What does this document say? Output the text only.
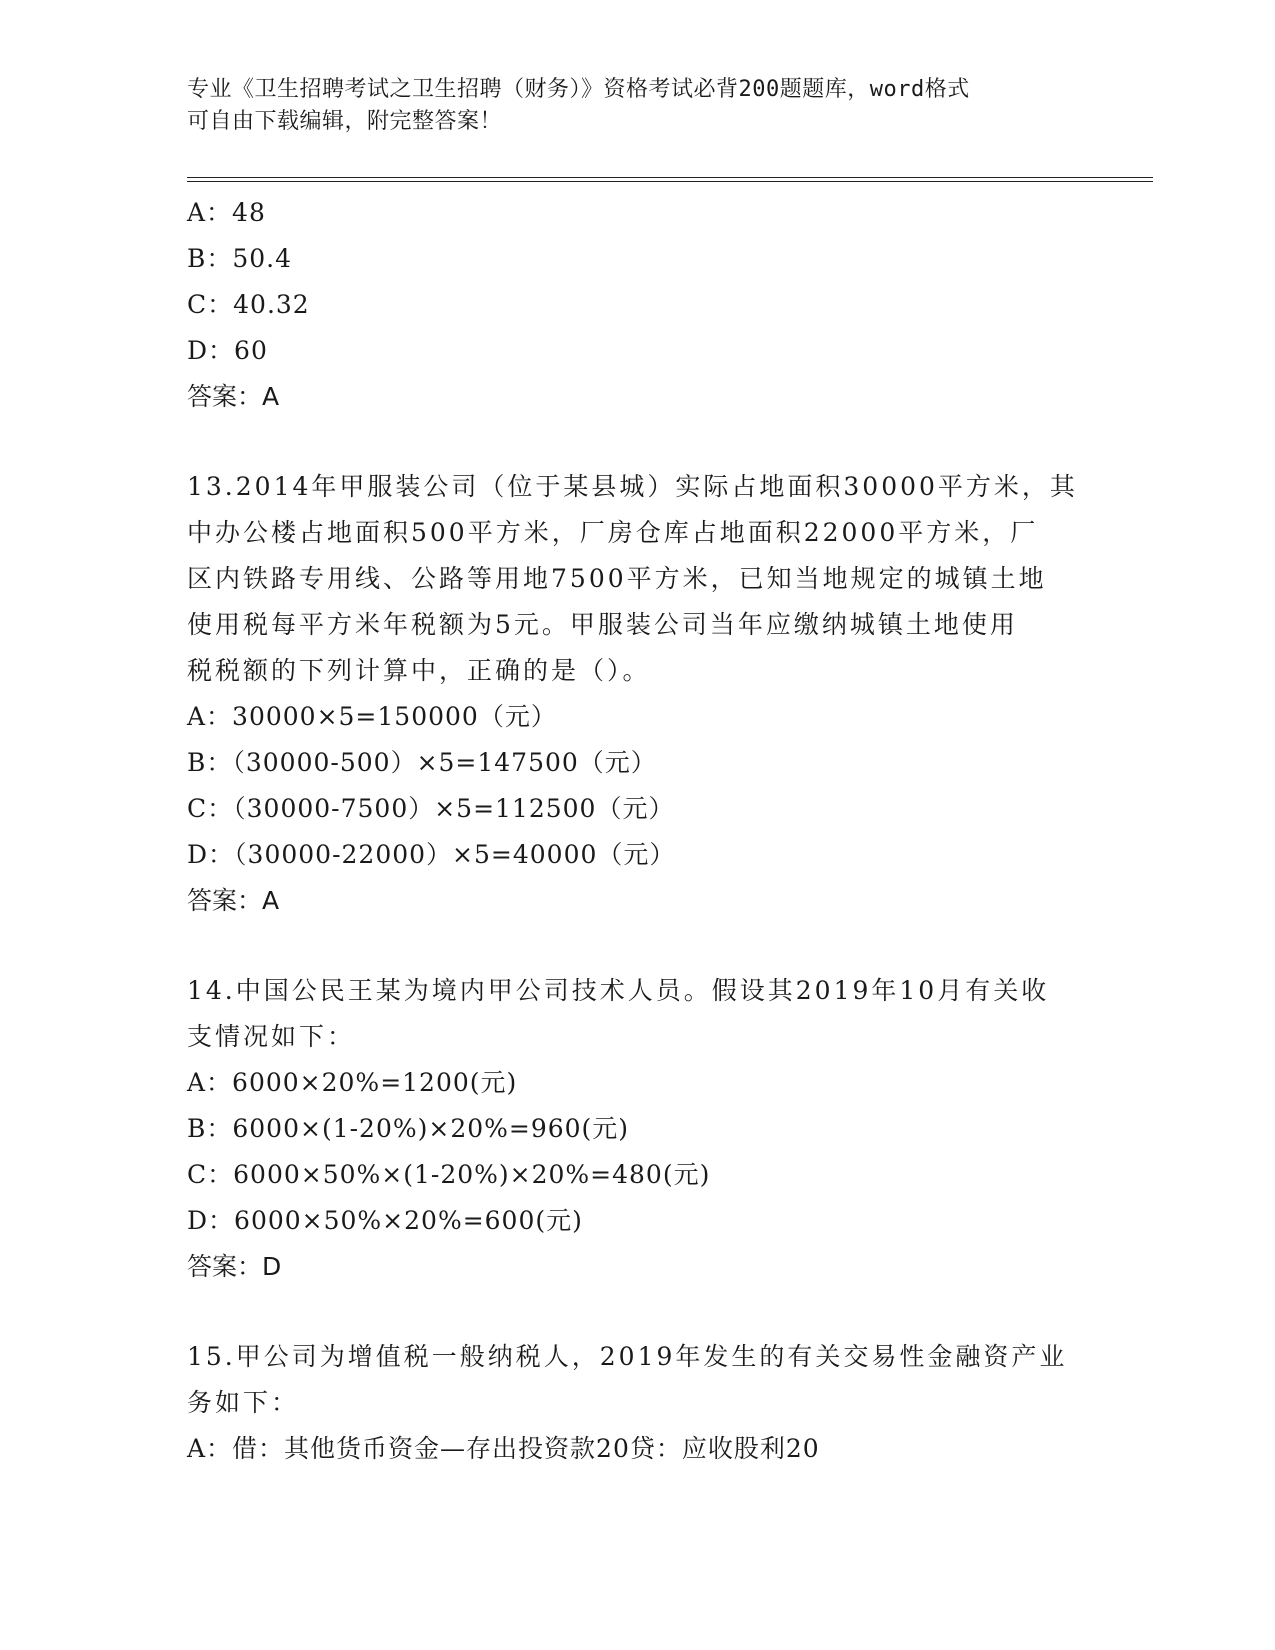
专业《卫生招聘考试之卫生招聘（财务）》资格考试必背200题题库，word格式
可自由下载编辑，附完整答案！
A：48
B：50.4
C：40.32
D：60
答案：A
13.2014年甲服装公司（位于某县城）实际占地面积30000平方米，其
中办公楼占地面积500平方米，厂房仓库占地面积22000平方米，厂
区内铁路专用线、公路等用地7500平方米，已知当地规定的城镇土地
使用税每平方米年税额为5元。甲服装公司当年应缴纳城镇土地使用
税税额的下列计算中，正确的是（）。
A：30000×5=150000（元）
B：（30000-500）×5=147500（元）
C：（30000-7500）×5=112500（元）
D：（30000-22000）×5=40000（元）
答案：A
14.中国公民王某为境内甲公司技术人员。假设其2019年10月有关收
支情况如下：
A：6000×20%=1200(元)
B：6000×(1-20%)×20%=960(元)
C：6000×50%×(1-20%)×20%=480(元)
D：6000×50%×20%=600(元)
答案：D
15.甲公司为增值税一般纳税人，2019年发生的有关交易性金融资产业
务如下：
A：借：其他货币资金—存出投资款20贷：应收股利20
